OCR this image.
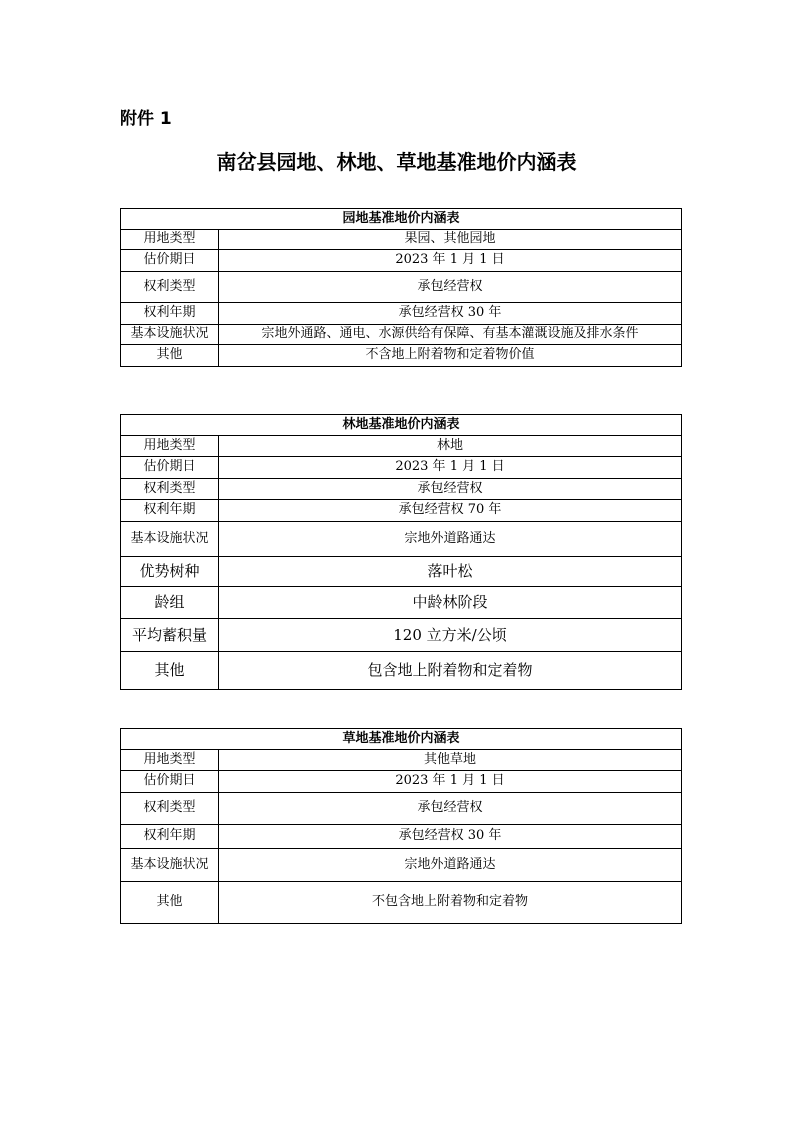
附件 1
南岔县园地、林地、草地基准地价内涵表
园地基准地价内涵表	
用地类型	果园、其他园地
估价期日	2023 年 1 月 1 日
权利类型	承包经营权
权利年期	承包经营权 30 年
基本设施状况	宗地外通路、通电、水源供给有保障、有基本灌溉设施及排水条件
其他	不含地上附着物和定着物价值
林地基准地价内涵表	
用地类型	林地
估价期日	2023 年 1 月 1 日
权利类型	承包经营权
权利年期	承包经营权 70 年
基本设施状况	宗地外道路通达
优势树种	落叶松
龄组	中龄林阶段
平均蓄积量	120 立方米/公顷
其他	包含地上附着物和定着物
草地基准地价内涵表	
用地类型	其他草地
估价期日	2023 年 1 月 1 日
权利类型	承包经营权
权利年期	承包经营权 30 年
基本设施状况	宗地外道路通达
其他	不包含地上附着物和定着物
